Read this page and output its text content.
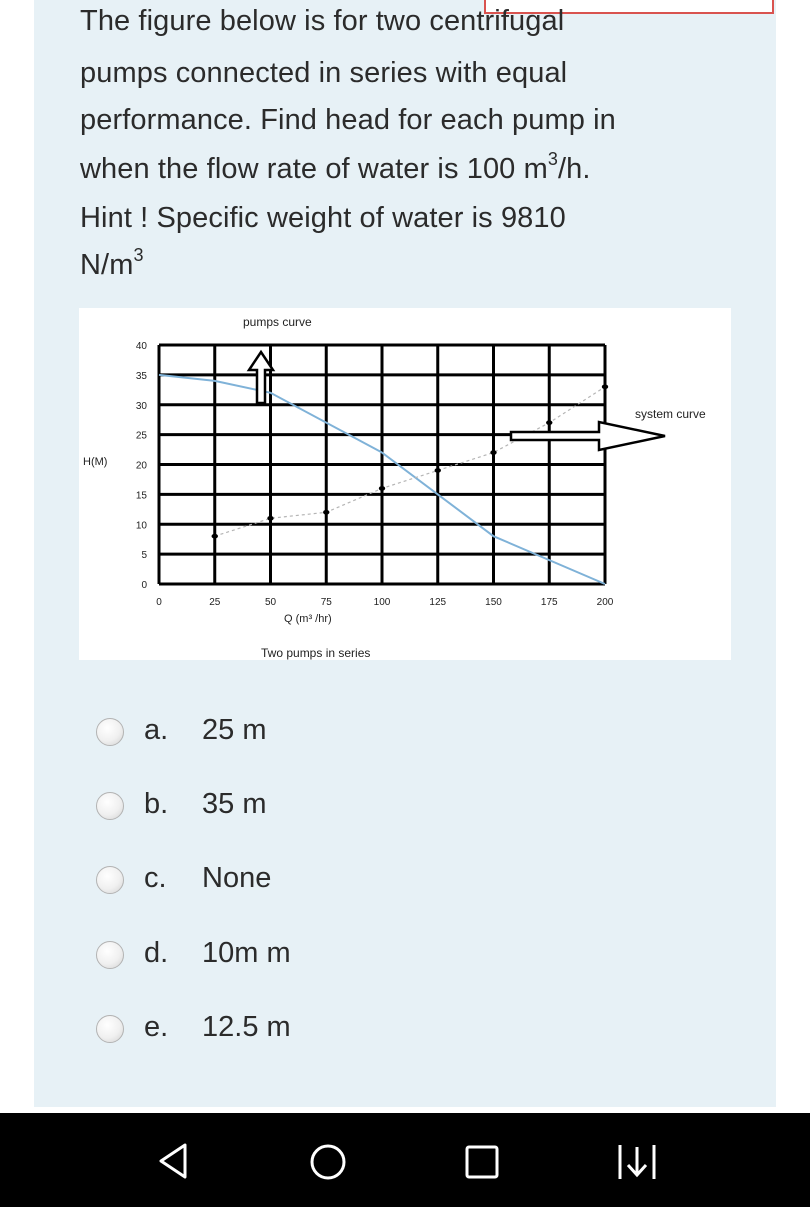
The figure below is for two centrifugal
pumps connected in series with equal
performance. Find head for each pump in
when the flow rate of water is 100 $m^3/h$.
Hint ! Specific weight of water is 9810
$N/m^3$
pumps curve
system curve
H(M)
Q (m³ /hr)
Two pumps in series
40
35
30
25
20
15
10
5
0
0	25	50	75	100	125	150	175	200
a. 25 m
b. 35 m
c. None
d. 10m m
e. 12.5 m
